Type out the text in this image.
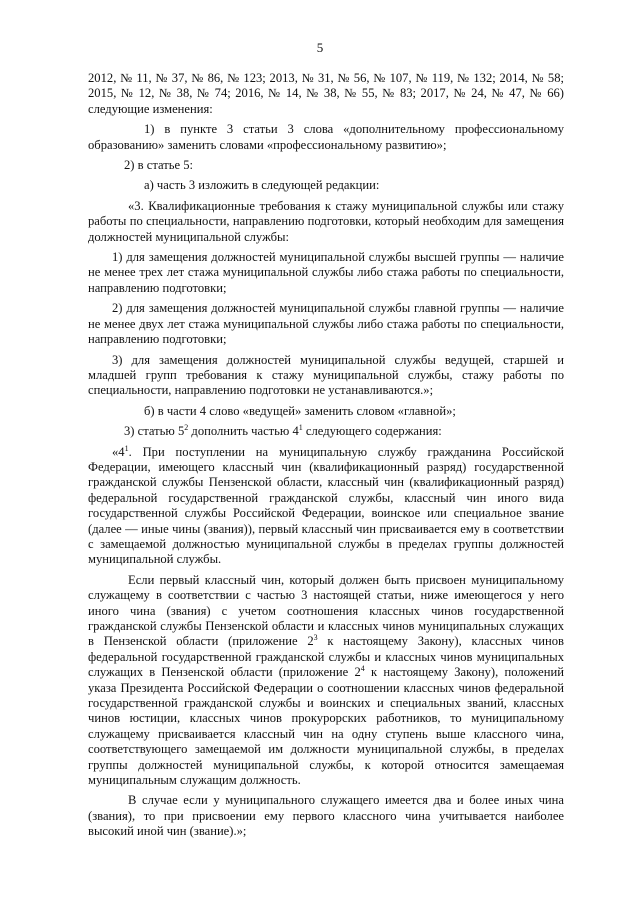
5

2012, № 11, № 37, № 86, № 123; 2013, № 31, № 56, № 107, № 119, № 132; 2014, № 58; 2015, № 12, № 38, № 74; 2016, № 14, № 38, № 55, № 83; 2017, № 24, № 47, № 66) следующие изменения:

1) в пункте 3 статьи 3 слова «дополнительному профессиональному образованию» заменить словами «профессиональному развитию»;

2) в статье 5:

а) часть 3 изложить в следующей редакции:

«3. Квалификационные требования к стажу муниципальной службы или стажу работы по специальности, направлению подготовки, который необходим для замещения должностей муниципальной службы:

1) для замещения должностей муниципальной службы высшей группы — наличие не менее трех лет стажа муниципальной службы либо стажа работы по специальности, направлению подготовки;

2) для замещения должностей муниципальной службы главной группы — наличие не менее двух лет стажа муниципальной службы либо стажа работы по специальности, направлению подготовки;

3) для замещения должностей муниципальной службы ведущей, старшей и младшей групп требования к стажу муниципальной службы, стажу работы по специальности, направлению подготовки не устанавливаются.»;

б) в части 4 слово «ведущей» заменить словом «главной»;

3) статью $5^2$ дополнить частью $4^1$ следующего содержания:

«$4^1$. При поступлении на муниципальную службу гражданина Российской Федерации, имеющего классный чин (квалификационный разряд) государственной гражданской службы Пензенской области, классный чин (квалификационный разряд) федеральной государственной гражданской службы, классный чин иного вида государственной службы Российской Федерации, воинское или специальное звание (далее — иные чины (звания)), первый классный чин присваивается ему в соответствии с замещаемой должностью муниципальной службы в пределах группы должностей муниципальной службы.

Если первый классный чин, который должен быть присвоен муниципальному служащему в соответствии с частью 3 настоящей статьи, ниже имеющегося у него иного чина (звания) с учетом соотношения классных чинов государственной гражданской службы Пензенской области и классных чинов муниципальных служащих в Пензенской области (приложение $2^3$ к настоящему Закону), классных чинов федеральной государственной гражданской службы и классных чинов муниципальных служащих в Пензенской области (приложение $2^4$ к настоящему Закону), положений указа Президента Российской Федерации о соотношении классных чинов федеральной государственной гражданской службы и воинских и специальных званий, классных чинов юстиции, классных чинов прокурорских работников, то муниципальному служащему присваивается классный чин на одну ступень выше классного чина, соответствующего замещаемой им должности муниципальной службы, в пределах группы должностей муниципальной службы, к которой относится замещаемая муниципальным служащим должность.

В случае если у муниципального служащего имеется два и более иных чина (звания), то при присвоении ему первого классного чина учитывается наиболее высокий иной чин (звание).»;
